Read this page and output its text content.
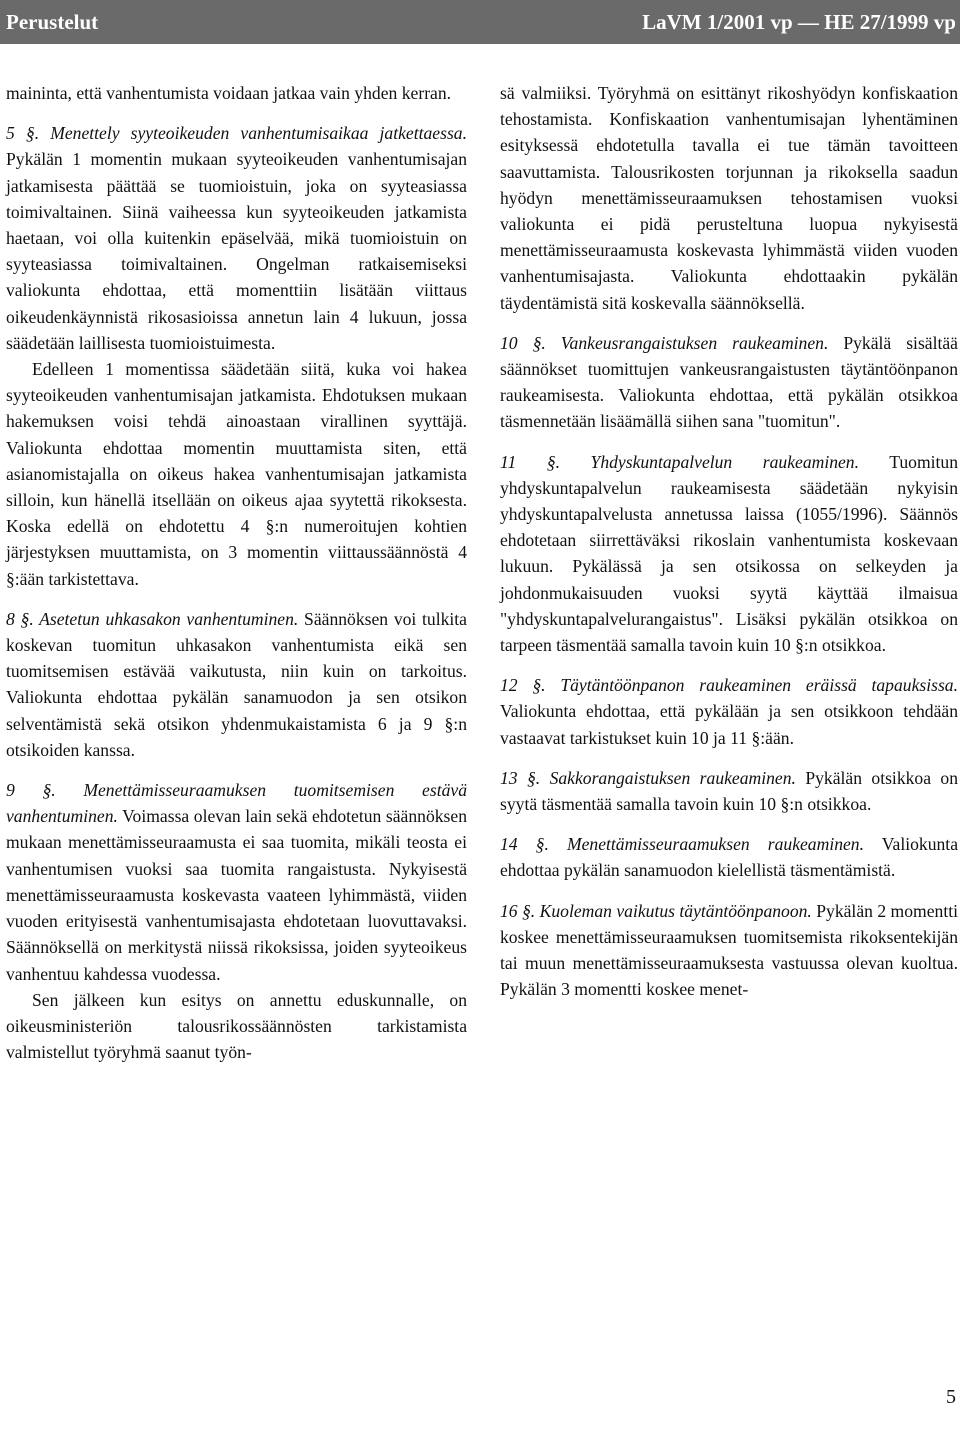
Perustelut	LaVM 1/2001 vp — HE 27/1999 vp

maininta, että vanhentumista voidaan jatkaa vain yhden kerran.

5 §. Menettely syyteoikeuden vanhentumisaikaa jatkettaessa. Pykälän 1 momentin mukaan syyteoikeuden vanhentumisajan jatkamisesta päättää se tuomioistuin, joka on syyteasiassa toimivaltainen. Siinä vaiheessa kun syyteoikeuden jatkamista haetaan, voi olla kuitenkin epäselvää, mikä tuomioistuin on syyteasiassa toimivaltainen. Ongelman ratkaisemiseksi valiokunta ehdottaa, että momenttiin lisätään viittaus oikeudenkäynnistä rikosasioissa annetun lain 4 lukuun, jossa säädetään laillisesta tuomioistuimesta.

Edelleen 1 momentissa säädetään siitä, kuka voi hakea syyteoikeuden vanhentumisajan jatkamista. Ehdotuksen mukaan hakemuksen voisi tehdä ainoastaan virallinen syyttäjä. Valiokunta ehdottaa momentin muuttamista siten, että asianomistajalla on oikeus hakea vanhentumisajan jatkamista silloin, kun hänellä itsellään on oikeus ajaa syytettä rikoksesta. Koska edellä on ehdotettu 4 §:n numeroitujen kohtien järjestyksen muuttamista, on 3 momentin viittaussäännöstä 4 §:ään tarkistettava.

8 §. Asetetun uhkasakon vanhentuminen. Säännöksen voi tulkita koskevan tuomitun uhkasakon vanhentumista eikä sen tuomitsemisen estävää vaikutusta, niin kuin on tarkoitus. Valiokunta ehdottaa pykälän sanamuodon ja sen otsikon selventämistä sekä otsikon yhdenmukaistamista 6 ja 9 §:n otsikoiden kanssa.

9 §. Menettämisseuraamuksen tuomitsemisen estävä vanhentuminen. Voimassa olevan lain sekä ehdotetun säännöksen mukaan menettämisseuraamusta ei saa tuomita, mikäli teosta ei vanhentumisen vuoksi saa tuomita rangaistusta. Nykyisestä menettämisseuraamusta koskevasta vaateen lyhimmästä, viiden vuoden erityisestä vanhentumisajasta ehdotetaan luovuttavaksi. Säännöksellä on merkitystä niissä rikoksissa, joiden syyteoikeus vanhentuu kahdessa vuodessa.

Sen jälkeen kun esitys on annettu eduskunnalle, on oikeusministeriön talousrikossäännösten tarkistamista valmistellut työryhmä saanut työn-

sä valmiiksi. Työryhmä on esittänyt rikoshyödyn konfiskaation tehostamista. Konfiskaation vanhentumisajan lyhentäminen esityksessä ehdotetulla tavalla ei tue tämän tavoitteen saavuttamista. Talousrikosten torjunnan ja rikoksella saadun hyödyn menettämisseuraamuksen tehostamisen vuoksi valiokunta ei pidä perusteltuna luopua nykyisestä menettämisseuraamusta koskevasta lyhimmästä viiden vuoden vanhentumisajasta. Valiokunta ehdottaakin pykälän täydentämistä sitä koskevalla säännöksellä.

10 §. Vankeusrangaistuksen raukeaminen. Pykälä sisältää säännökset tuomittujen vankeusrangaistusten täytäntöönpanon raukeamisesta. Valiokunta ehdottaa, että pykälän otsikkoa täsmennetään lisäämällä siihen sana "tuomitun".

11 §. Yhdyskuntapalvelun raukeaminen. Tuomitun yhdyskuntapalvelun raukeamisesta säädetään nykyisin yhdyskuntapalvelusta annetussa laissa (1055/1996). Säännös ehdotetaan siirrettäväksi rikoslain vanhentumista koskevaan lukuun. Pykälässä ja sen otsikossa on selkeyden ja johdonmukaisuuden vuoksi syytä käyttää ilmaisua "yhdyskuntapalvelurangaistus". Lisäksi pykälän otsikkoa on tarpeen täsmentää samalla tavoin kuin 10 §:n otsikkoa.

12 §. Täytäntöönpanon raukeaminen eräissä tapauksissa. Valiokunta ehdottaa, että pykälään ja sen otsikkoon tehdään vastaavat tarkistukset kuin 10 ja 11 §:ään.

13 §. Sakkorangaistuksen raukeaminen. Pykälän otsikkoa on syytä täsmentää samalla tavoin kuin 10 §:n otsikkoa.

14 §. Menettämisseuraamuksen raukeaminen. Valiokunta ehdottaa pykälän sanamuodon kielellistä täsmentämistä.

16 §. Kuoleman vaikutus täytäntöönpanoon. Pykälän 2 momentti koskee menettämisseuraamuksen tuomitsemista rikoksentekijän tai muun menettämisseuraamuksesta vastuussa olevan kuoltua. Pykälän 3 momentti koskee menet-

5
